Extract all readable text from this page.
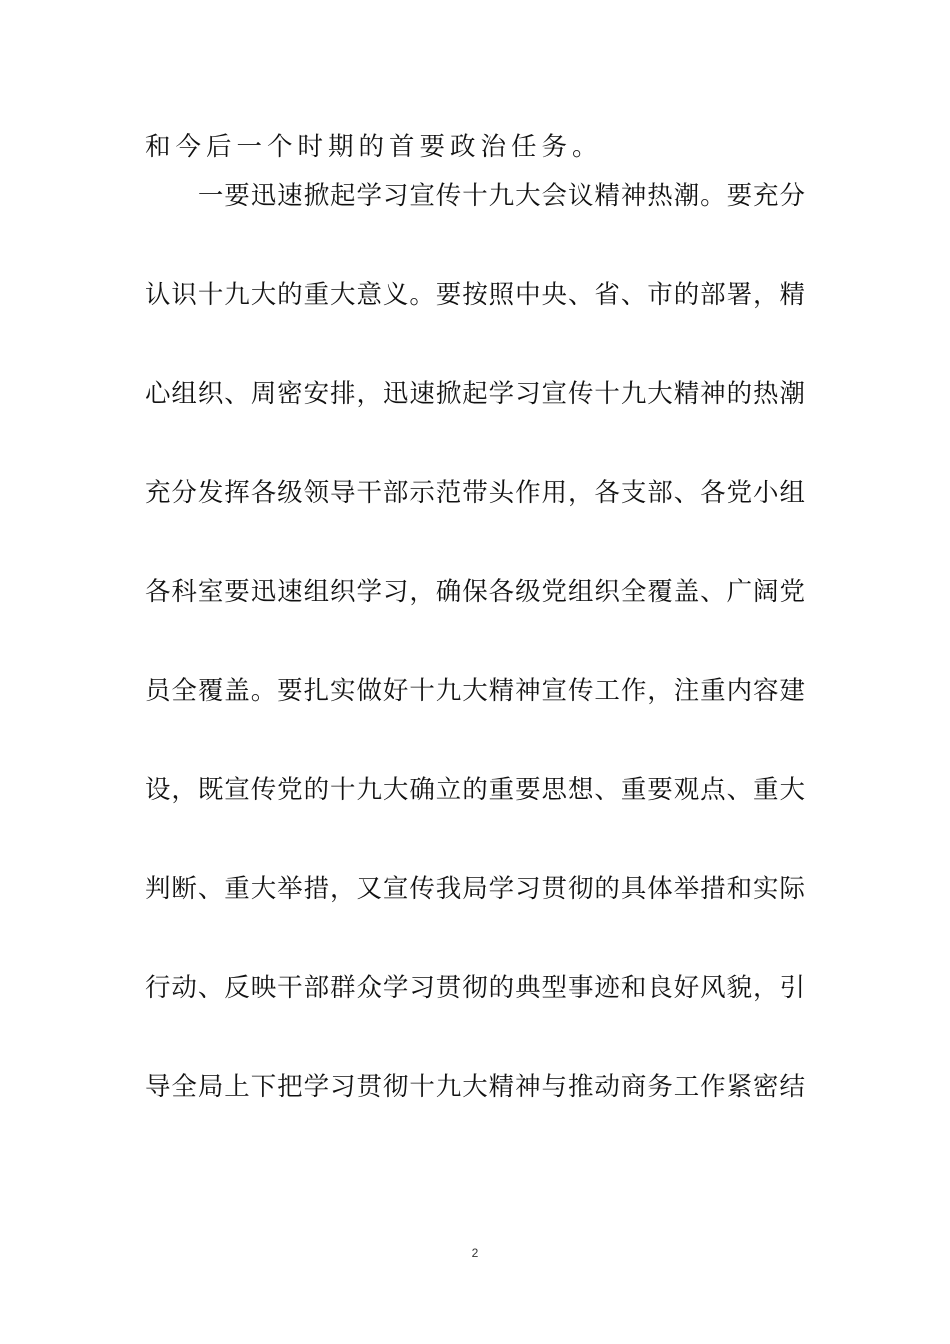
和今后一个时期的首要政治任务。
　　一要迅速掀起学习宣传十九大会议精神热潮。要充分
认识十九大的重大意义。要按照中央、省、市的部署，精
心组织、周密安排，迅速掀起学习宣传十九大精神的热潮
充分发挥各级领导干部示范带头作用，各支部、各党小组
各科室要迅速组织学习，确保各级党组织全覆盖、广阔党
员全覆盖。要扎实做好十九大精神宣传工作，注重内容建
设，既宣传党的十九大确立的重要思想、重要观点、重大
判断、重大举措，又宣传我局学习贯彻的具体举措和实际
行动、反映干部群众学习贯彻的典型事迹和良好风貌，引
导全局上下把学习贯彻十九大精神与推动商务工作紧密结
2
